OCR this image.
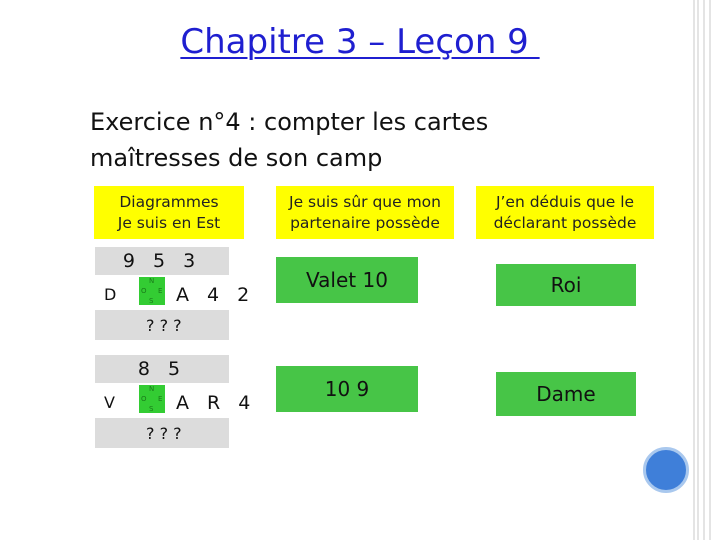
Chapitre 3 – Leçon 9
Exercice n°4 : compter les cartes maîtresses de son camp
Diagrammes
Je suis en Est
Je suis sûr que mon partenaire possède
J’en déduis que le déclarant possède
9 5 3
D
N
O E
S A 4 2
? ? ?
8 5
V
N
O E
S A R 4
? ? ?
Valet 10	Roi
10 9	Dame
